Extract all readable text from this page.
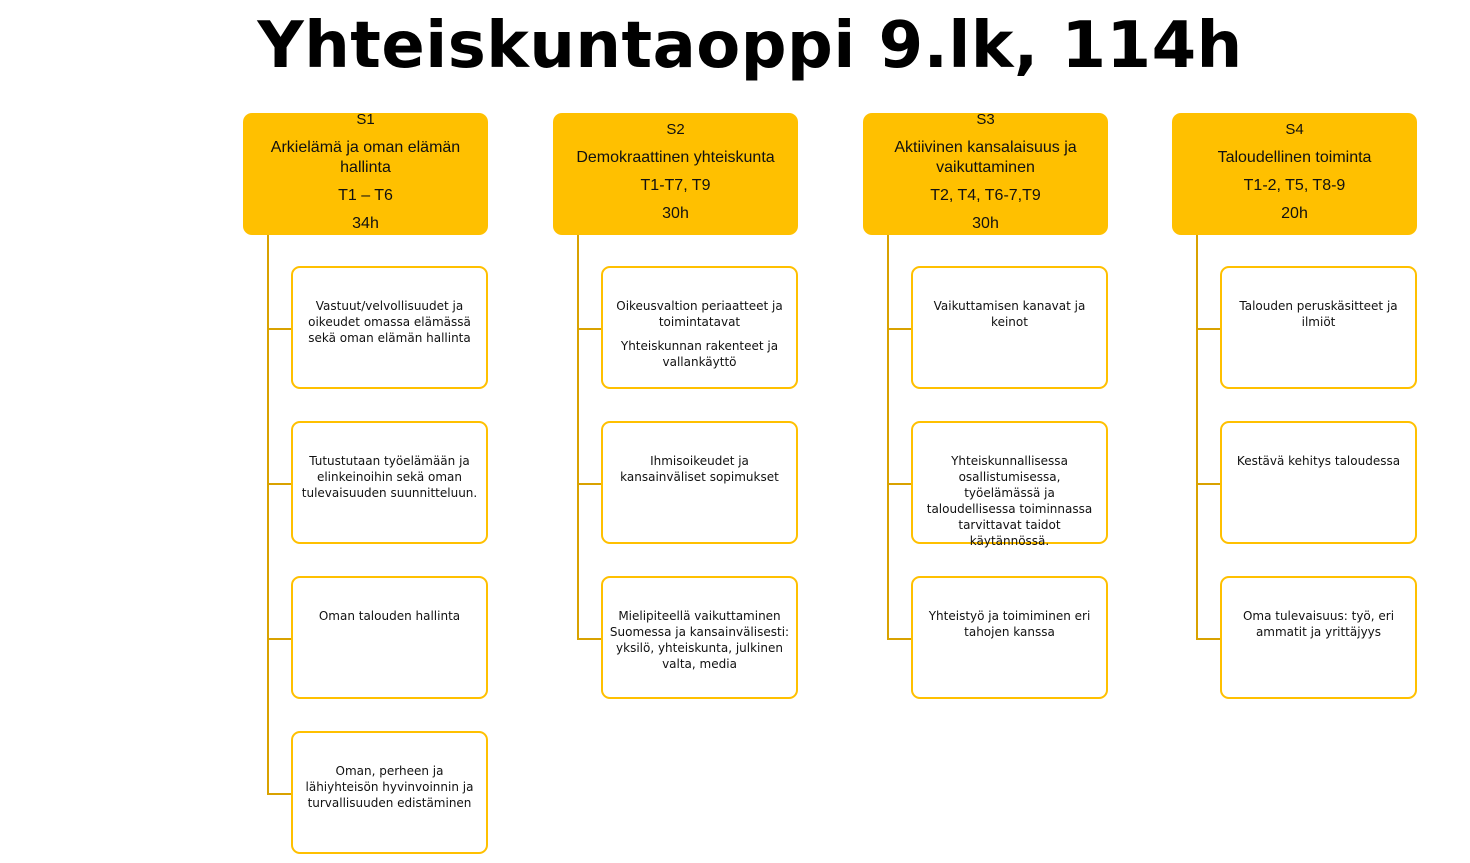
Yhteiskuntaoppi 9.lk, 114h
S1
Arkielämä ja oman elämän hallinta
T1 – T6
34h

Vastuut/velvollisuudet ja oikeudet omassa elämässä sekä oman elämän hallinta

Tutustutaan työelämään ja elinkeinoihin sekä oman tulevaisuuden suunnitteluun.

Oman talouden hallinta

Oman, perheen ja lähiyhteisön hyvinvoinnin ja turvallisuuden edistäminen

S2
Demokraattinen yhteiskunta
T1-T7, T9
30h

Oikeusvaltion periaatteet ja toimintatavat

Yhteiskunnan rakenteet ja vallankäyttö

Ihmisoikeudet ja kansainväliset sopimukset

Mielipiteellä vaikuttaminen Suomessa ja kansainvälisesti: yksilö, yhteiskunta, julkinen valta, media

S3
Aktiivinen kansalaisuus ja vaikuttaminen
T2, T4, T6-7,T9
30h

Vaikuttamisen kanavat ja keinot

Yhteiskunnallisessa osallistumisessa, työelämässä ja taloudellisessa toiminnassa tarvittavat taidot käytännössä.

Yhteistyö ja toimiminen eri tahojen kanssa

S4
Taloudellinen toiminta
T1-2, T5, T8-9
20h

Talouden peruskäsitteet ja ilmiöt

Kestävä kehitys taloudessa

Oma tulevaisuus: työ, eri ammatit ja yrittäjyys
